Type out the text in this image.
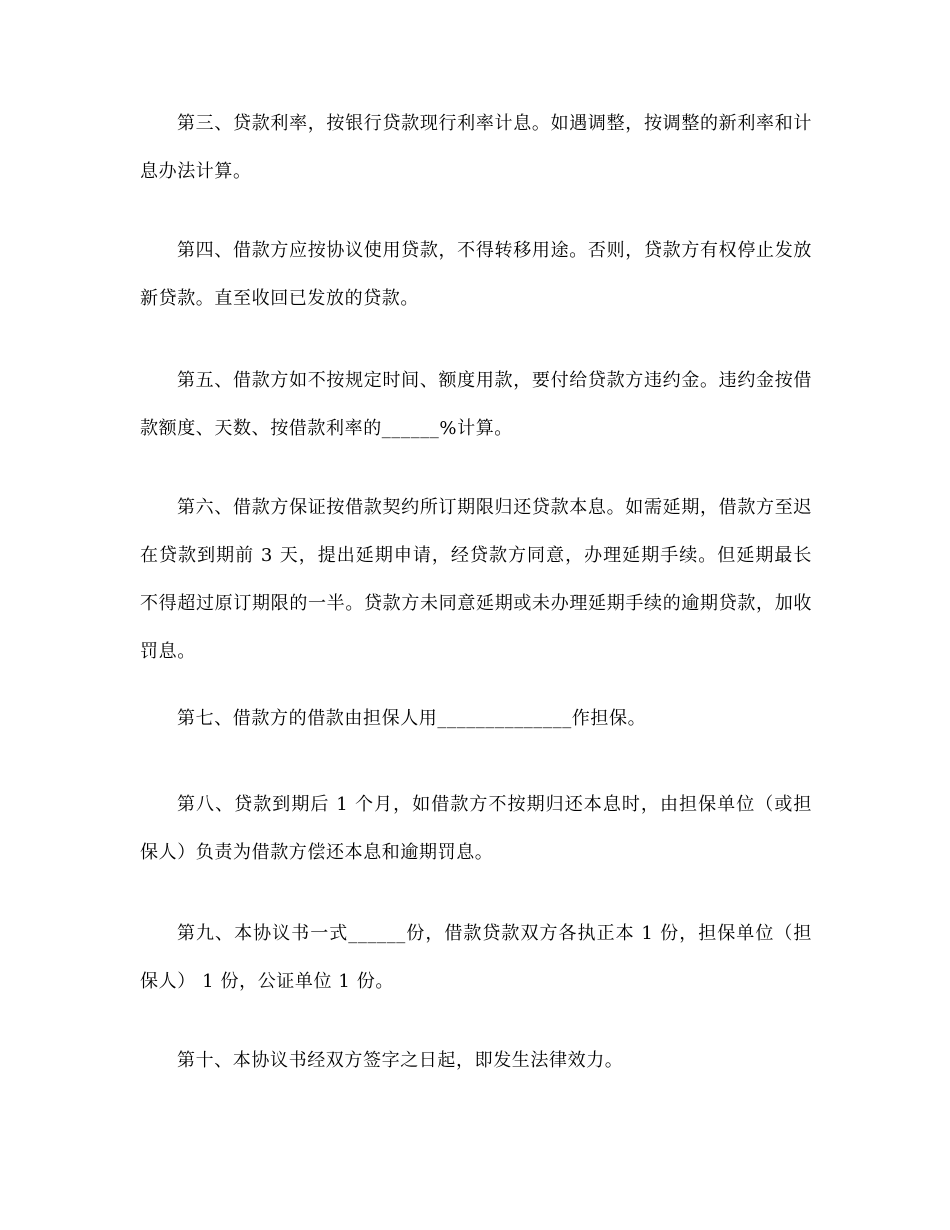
第三、贷款利率，按银行贷款现行利率计息。如遇调整，按调整的新利率和计息办法计算。

第四、借款方应按协议使用贷款，不得转移用途。否则，贷款方有权停止发放新贷款。直至收回已发放的贷款。

第五、借款方如不按规定时间、额度用款，要付给贷款方违约金。违约金按借款额度、天数、按借款利率的______%计算。

第六、借款方保证按借款契约所订期限归还贷款本息。如需延期，借款方至迟在贷款到期前 3 天，提出延期申请，经贷款方同意，办理延期手续。但延期最长不得超过原订期限的一半。贷款方未同意延期或未办理延期手续的逾期贷款，加收罚息。

第七、借款方的借款由担保人用______________作担保。

第八、贷款到期后 1 个月，如借款方不按期归还本息时，由担保单位（或担保人）负责为借款方偿还本息和逾期罚息。

第九、本协议书一式______份，借款贷款双方各执正本 1 份，担保单位（担保人） 1 份，公证单位 1 份。

第十、本协议书经双方签字之日起，即发生法律效力。
